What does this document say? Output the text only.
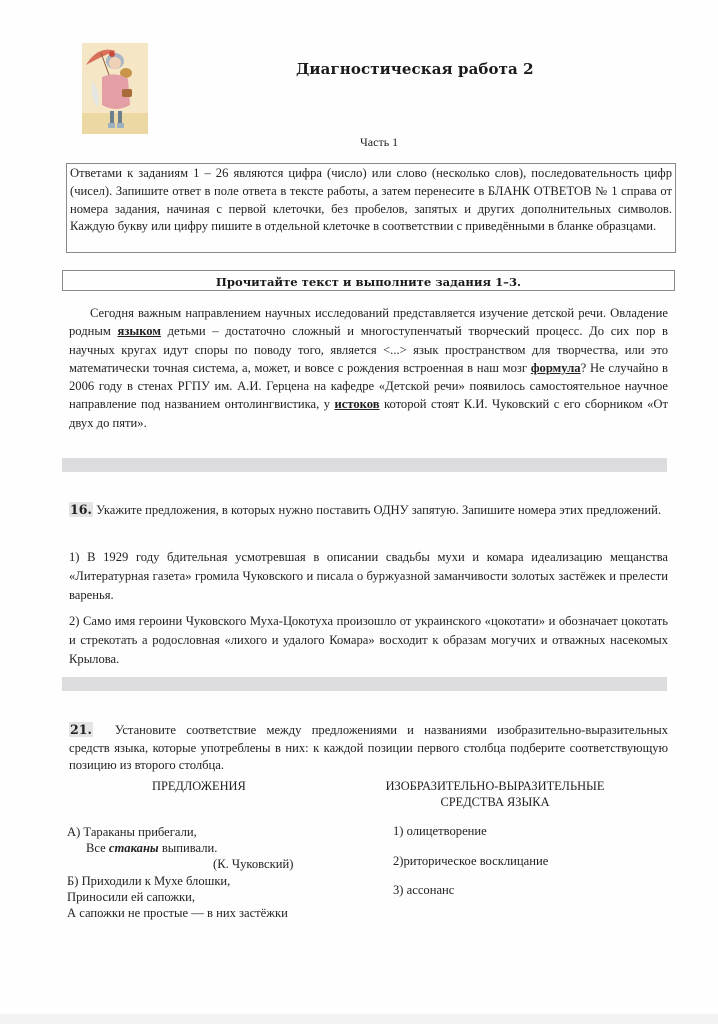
Диагностическая работа 2
Часть 1

Ответами к заданиям 1 – 26 являются цифра (число) или слово (несколько слов), последовательность цифр (чисел). Запишите ответ в поле ответа в тексте работы, а затем перенесите в БЛАНК ОТВЕТОВ № 1 справа от номера задания, начиная с первой клеточки, без пробелов, запятых и других дополнительных символов. Каждую букву или цифру пишите в отдельной клеточке в соответствии с приведёнными в бланке образцами.

Прочитайте текст и выполните задания 1–3.

Сегодня важным направлением научных исследований представляется изучение детской речи. Овладение родным языком детьми – достаточно сложный и многоступенчатый творческий процесс. До сих пор в научных кругах идут споры по поводу того, является <...> язык пространством для творчества, или это математически точная система, а, может, и вовсе с рождения встроенная в наш мозг формула? Не случайно в 2006 году в стенах РГПУ им. А.И. Герцена на кафедре «Детской речи» появилось самостоятельное научное направление под названием онтолингвистика, у истоков которой стоят К.И. Чуковский с его сборником «От двух до пяти».

16. Укажите предложения, в которых нужно поставить ОДНУ запятую. Запишите номера этих предложений.

1) В 1929 году бдительная усмотревшая в описании свадьбы мухи и комара идеализацию мещанства «Литературная газета» громила Чуковского и писала о буржуазной заманчивости золотых застёжек и прелести варенья.

2) Само имя героини Чуковского Муха-Цокотуха произошло от украинского «цокотати» и обозначает цокотать и стрекотать а родословная «лихого и удалого Комара» восходит к образам могучих и отважных насекомых Крылова.

21. Установите соответствие между предложениями и названиями изобразительно-выразительных средств языка, которые употреблены в них: к каждой позиции первого столбца подберите соответствующую позицию из второго столбца.

ПРЕДЛОЖЕНИЯ	ИЗОБРАЗИТЕЛЬНО-ВЫРАЗИТЕЛЬНЫЕ
СРЕДСТВА ЯЗЫКА
А) Тараканы прибегали,
Все стаканы выпивали.
(К. Чуковский)
Б) Приходили к Мухе блошки,
Приносили ей сапожки,
А сапожки не простые — в них застёжки
1) олицетворение
2)риторическое восклицание
3) ассонанс
